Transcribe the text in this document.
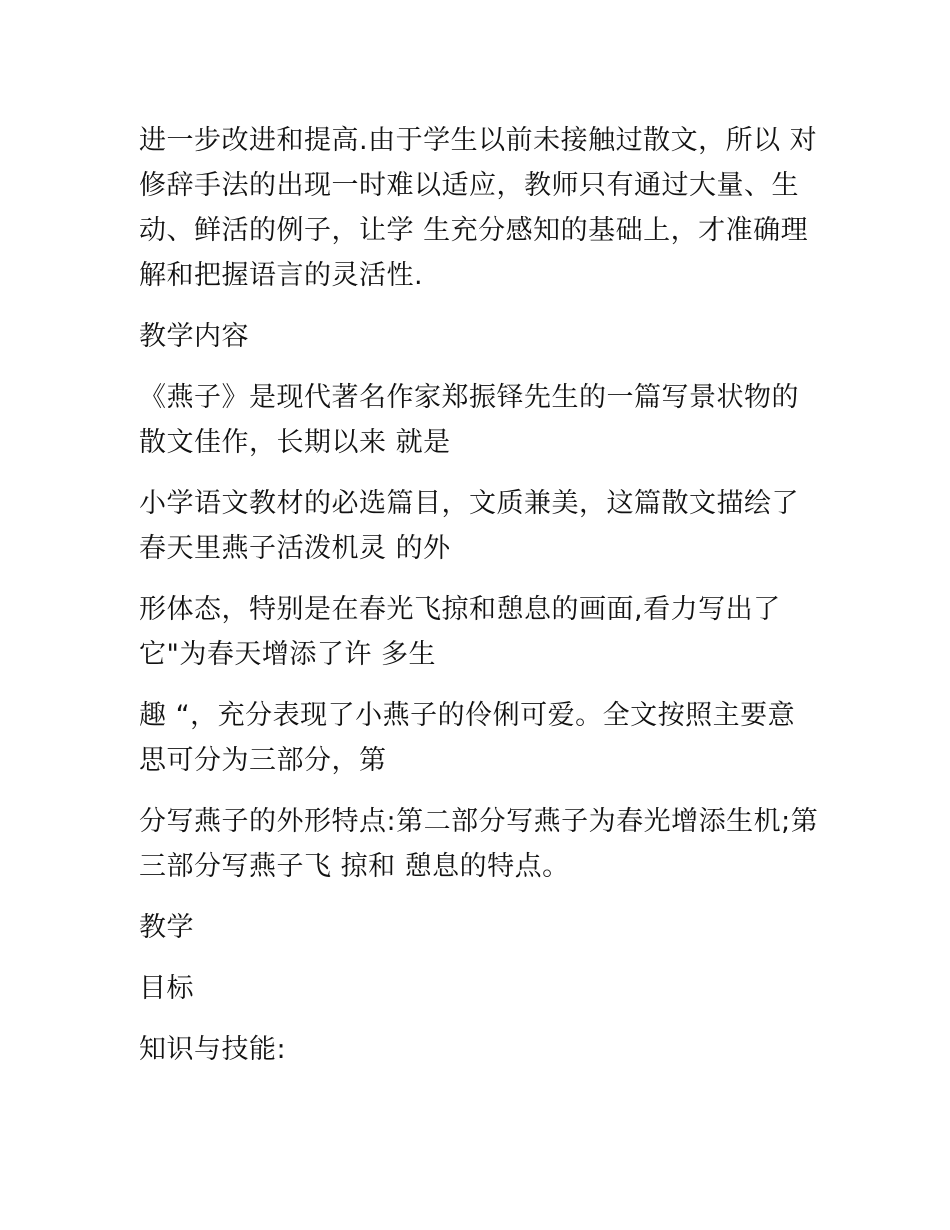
进一步改进和提高.由于学生以前未接触过散文，所以 对修辞手法的出现一时难以适应，教师只有通过大量、生动、鲜活的例子，让学 生充分感知的基础上，才准确理解和把握语言的灵活性.

教学内容

《燕子》是现代著名作家郑振铎先生的一篇写景状物的散文佳作，长期以来 就是

小学语文教材的必选篇目，文质兼美，这篇散文描绘了春天里燕子活泼机灵 的外

形体态，特别是在春光飞掠和憩息的画面,看力写出了它"为春天增添了许 多生

趣 “，充分表现了小燕子的伶俐可爱。全文按照主要意思可分为三部分，第

分写燕子的外形特点:第二部分写燕子为春光增添生机;第三部分写燕子飞 掠和 憩息的特点。

教学

目标

知识与技能:
